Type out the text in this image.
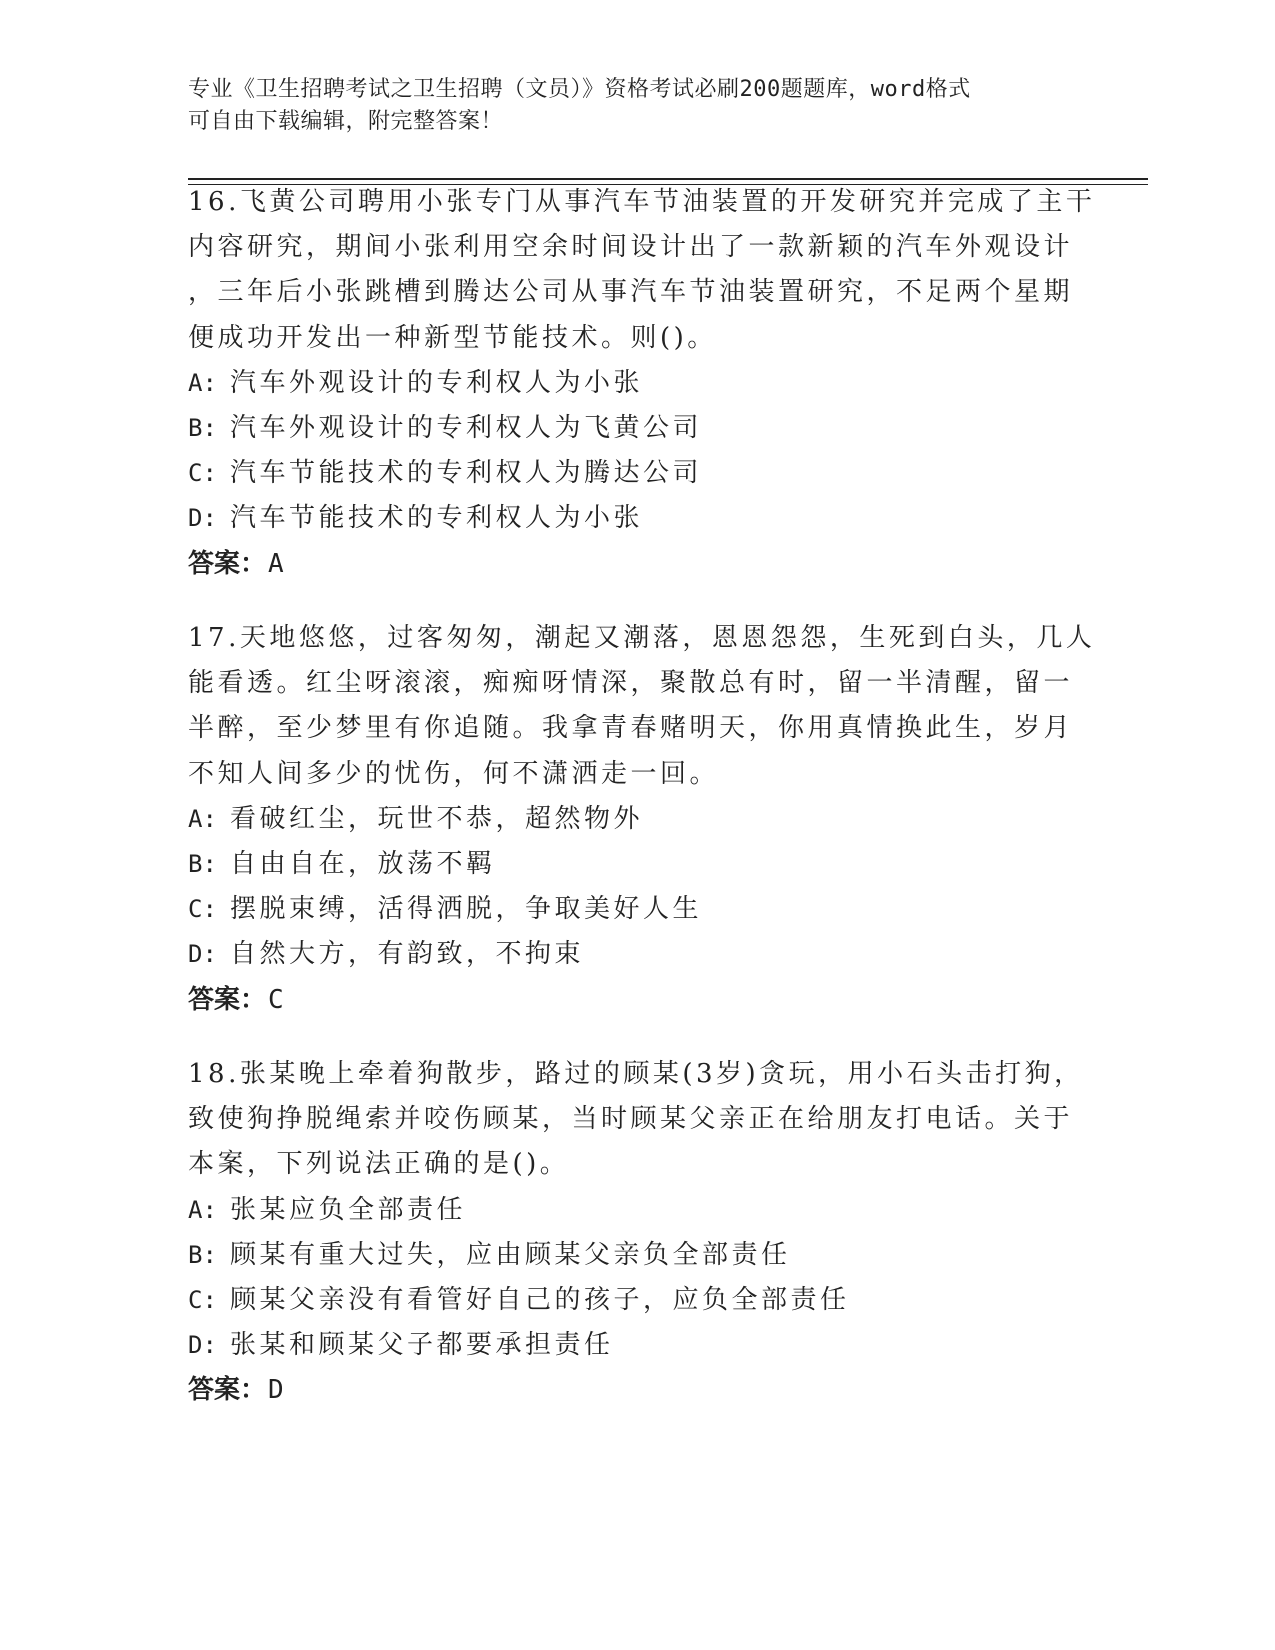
专业《卫生招聘考试之卫生招聘（文员）》资格考试必刷200题题库，word格式
可自由下载编辑，附完整答案！
16.飞黄公司聘用小张专门从事汽车节油装置的开发研究并完成了主干
内容研究，期间小张利用空余时间设计出了一款新颖的汽车外观设计
，三年后小张跳槽到腾达公司从事汽车节油装置研究，不足两个星期
便成功开发出一种新型节能技术。则()。
A: 汽车外观设计的专利权人为小张
B: 汽车外观设计的专利权人为飞黄公司
C: 汽车节能技术的专利权人为腾达公司
D: 汽车节能技术的专利权人为小张
答案：A
17.天地悠悠，过客匆匆，潮起又潮落，恩恩怨怨，生死到白头，几人
能看透。红尘呀滚滚，痴痴呀情深，聚散总有时，留一半清醒，留一
半醉，至少梦里有你追随。我拿青春赌明天，你用真情换此生，岁月
不知人间多少的忧伤，何不潇洒走一回。
A: 看破红尘，玩世不恭，超然物外
B: 自由自在，放荡不羁
C: 摆脱束缚，活得洒脱，争取美好人生
D: 自然大方，有韵致，不拘束
答案：C
18.张某晚上牵着狗散步，路过的顾某(3岁)贪玩，用小石头击打狗，
致使狗挣脱绳索并咬伤顾某，当时顾某父亲正在给朋友打电话。关于
本案，下列说法正确的是()。
A: 张某应负全部责任
B: 顾某有重大过失，应由顾某父亲负全部责任
C: 顾某父亲没有看管好自己的孩子，应负全部责任
D: 张某和顾某父子都要承担责任
答案：D
